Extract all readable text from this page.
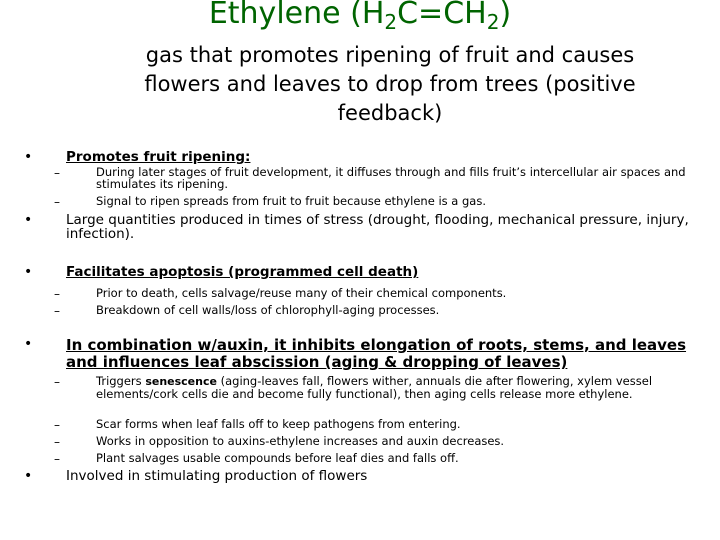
Ethylene $(H_2C=CH_2)$
gas that promotes ripening of fruit and causes flowers and leaves to drop from trees (positive feedback)
• Promotes fruit ripening:
–	During later stages of fruit development, it diffuses through and fills fruit’s intercellular air spaces and stimulates its ripening.
–	Signal to ripen spreads from fruit to fruit because ethylene is a gas.
• Large quantities produced in times of stress (drought, flooding, mechanical pressure, injury, infection).
• Facilitates apoptosis (programmed cell death)
–	Prior to death, cells salvage/reuse many of their chemical components.
–	Breakdown of cell walls/loss of chlorophyll-aging processes.
• In combination w/auxin, it inhibits elongation of roots, stems, and leaves and influences leaf abscission (aging & dropping of leaves)
–	Triggers senescence (aging-leaves fall, flowers wither, annuals die after flowering, xylem vessel elements/cork cells die and become fully functional), then aging cells release more ethylene.
–	Scar forms when leaf falls off to keep pathogens from entering.
–	Works in opposition to auxins-ethylene increases and auxin decreases.
–	Plant salvages usable compounds before leaf dies and falls off.
• Involved in stimulating production of flowers
